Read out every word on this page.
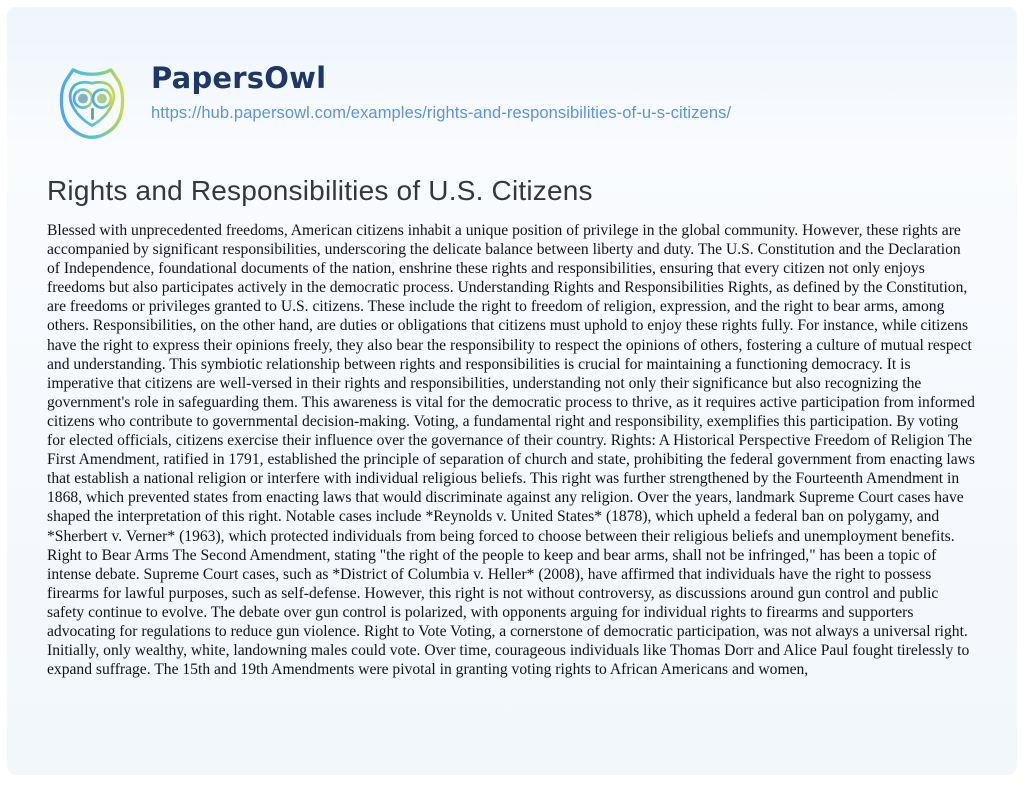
PapersOwl
https://hub.papersowl.com/examples/rights-and-responsibilities-of-u-s-citizens/
Rights and Responsibilities of U.S. Citizens

Blessed with unprecedented freedoms, American citizens inhabit a unique position of privilege in the global community. However, these rights are accompanied by significant responsibilities, underscoring the delicate balance between liberty and duty. The U.S. Constitution and the Declaration of Independence, foundational documents of the nation, enshrine these rights and responsibilities, ensuring that every citizen not only enjoys freedoms but also participates actively in the democratic process. Understanding Rights and Responsibilities Rights, as defined by the Constitution, are freedoms or privileges granted to U.S. citizens. These include the right to freedom of religion, expression, and the right to bear arms, among others. Responsibilities, on the other hand, are duties or obligations that citizens must uphold to enjoy these rights fully. For instance, while citizens have the right to express their opinions freely, they also bear the responsibility to respect the opinions of others, fostering a culture of mutual respect and understanding. This symbiotic relationship between rights and responsibilities is crucial for maintaining a functioning democracy. It is imperative that citizens are well-versed in their rights and responsibilities, understanding not only their significance but also recognizing the government's role in safeguarding them. This awareness is vital for the democratic process to thrive, as it requires active participation from informed citizens who contribute to governmental decision-making. Voting, a fundamental right and responsibility, exemplifies this participation. By voting for elected officials, citizens exercise their influence over the governance of their country. Rights: A Historical Perspective Freedom of Religion The First Amendment, ratified in 1791, established the principle of separation of church and state, prohibiting the federal government from enacting laws that establish a national religion or interfere with individual religious beliefs. This right was further strengthened by the Fourteenth Amendment in 1868, which prevented states from enacting laws that would discriminate against any religion. Over the years, landmark Supreme Court cases have shaped the interpretation of this right. Notable cases include *Reynolds v. United States* (1878), which upheld a federal ban on polygamy, and *Sherbert v. Verner* (1963), which protected individuals from being forced to choose between their religious beliefs and unemployment benefits. Right to Bear Arms The Second Amendment, stating "the right of the people to keep and bear arms, shall not be infringed," has been a topic of intense debate. Supreme Court cases, such as *District of Columbia v. Heller* (2008), have affirmed that individuals have the right to possess firearms for lawful purposes, such as self-defense. However, this right is not without controversy, as discussions around gun control and public safety continue to evolve. The debate over gun control is polarized, with opponents arguing for individual rights to firearms and supporters advocating for regulations to reduce gun violence. Right to Vote Voting, a cornerstone of democratic participation, was not always a universal right. Initially, only wealthy, white, landowning males could vote. Over time, courageous individuals like Thomas Dorr and Alice Paul fought tirelessly to expand suffrage. The 15th and 19th Amendments were pivotal in granting voting rights to African Americans and women,
